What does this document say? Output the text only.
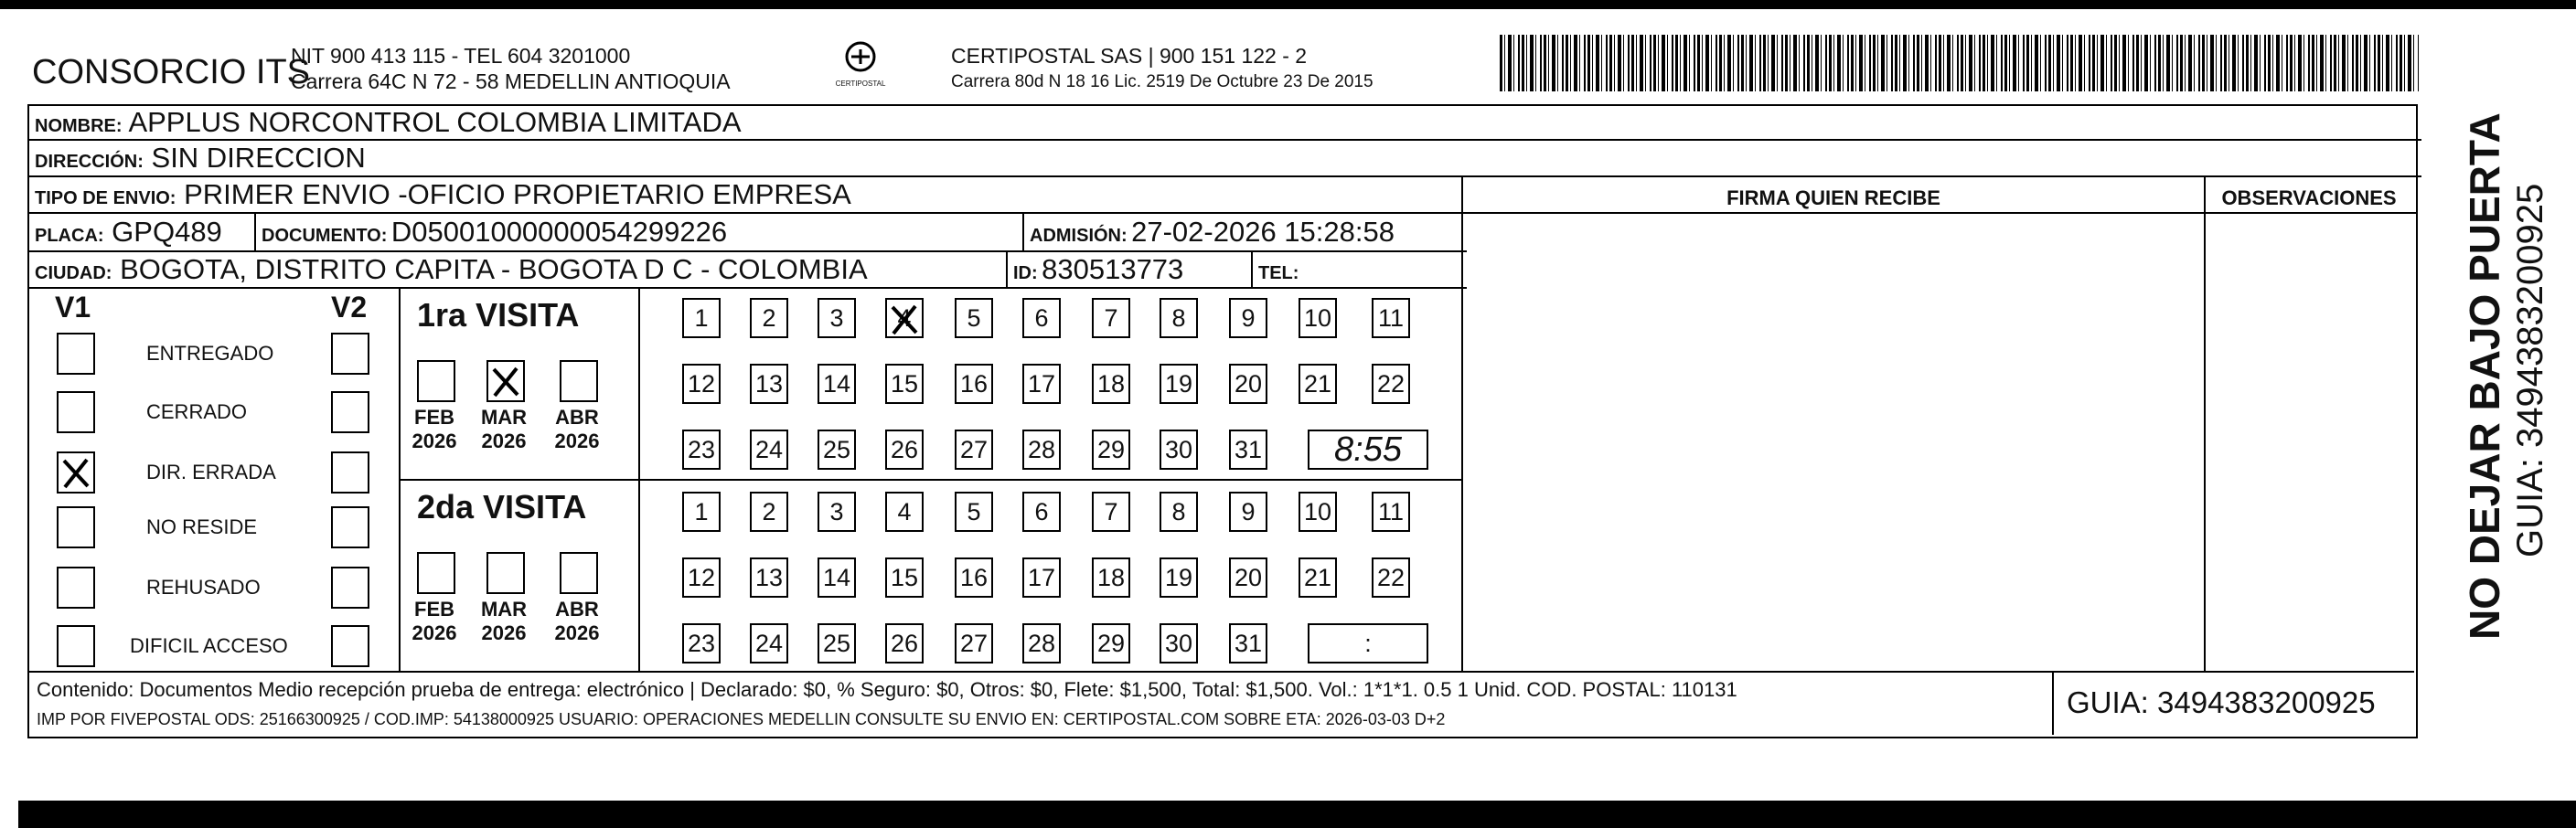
CONSORCIO ITS
NIT 900 413 115 - TEL 604 3201000
Carrera 64C N 72 - 58 MEDELLIN ANTIOQUIA	CERTIPOSTAL
CERTIPOSTAL SAS | 900 151 122 - 2
Carrera 80d N 18 16 Lic. 2519 De Octubre 23 De 2015
NOMBRE: APPLUS NORCONTROL COLOMBIA LIMITADA
DIRECCIÓN: SIN DIRECCION
TIPO DE ENVIO: PRIMER ENVIO -OFICIO PROPIETARIO EMPRESA	FIRMA QUIEN RECIBE	OBSERVACIONES
PLACA: GPQ489	DOCUMENTO: D05001000000054299226	ADMISIÓN: 27-02-2026 15:28:58
CIUDAD: BOGOTA, DISTRITO CAPITA - BOGOTA D C - COLOMBIA	ID: 830513773	TEL:
V1	V2
ENTREGADO
CERRADO
DIR. ERRADA
NO RESIDE
REHUSADO
DIFICIL ACCESO
1ra VISITA
FEB
2026
MAR
2026
ABR
2026
1 2 3 4 5 6 7 8 9 10 11
12 13 14 15 16 17 18 19 20 21 22
23 24 25 26 27 28 29 30 31 8:55
2da VISITA
FEB
2026
MAR
2026
ABR
2026
1 2 3 4 5 6 7 8 9 10 11
12 13 14 15 16 17 18 19 20 21 22
23 24 25 26 27 28 29 30 31	:
Contenido: Documentos Medio recepción prueba de entrega: electrónico | Declarado: $0, % Seguro: $0, Otros: $0, Flete: $1,500, Total: $1,500. Vol.: 1*1*1. 0.5 1 Unid. COD. POSTAL: 110131
IMP POR FIVEPOSTAL ODS: 25166300925 / COD.IMP: 54138000925 USUARIO: OPERACIONES MEDELLIN CONSULTE SU ENVIO EN: CERTIPOSTAL.COM SOBRE ETA: 2026-03-03 D+2	GUIA: 3494383200925
NO DEJAR BAJO PUERTA GUIA: 3494383200925
